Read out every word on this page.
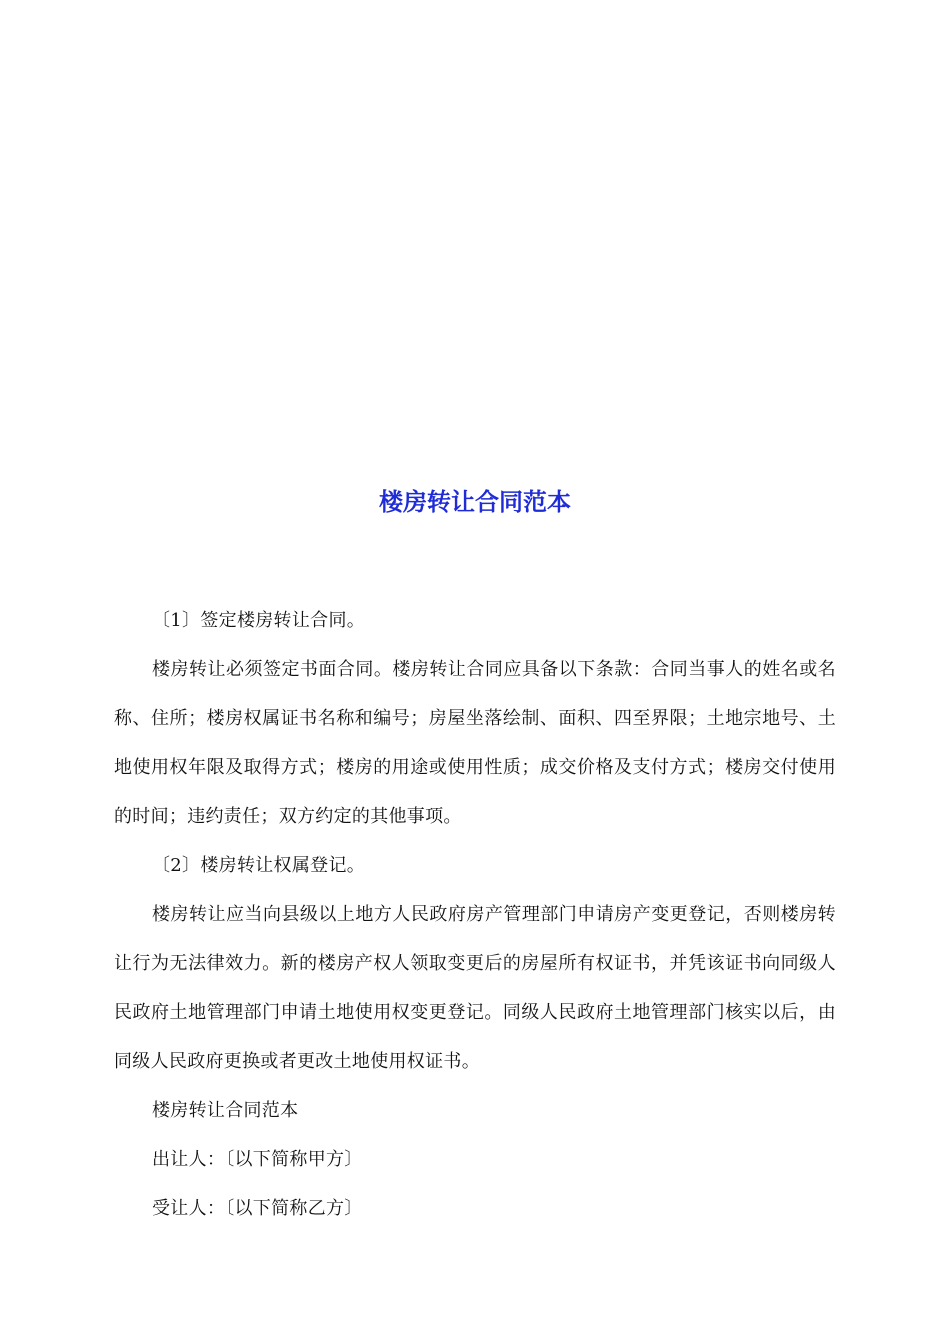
楼房转让合同范本

〔1〕签定楼房转让合同。

楼房转让必须签定书面合同。楼房转让合同应具备以下条款：合同当事人的姓名或名称、住所；楼房权属证书名称和编号；房屋坐落绘制、面积、四至界限；土地宗地号、土地使用权年限及取得方式；楼房的用途或使用性质；成交价格及支付方式；楼房交付使用的时间；违约责任；双方约定的其他事项。

〔2〕楼房转让权属登记。

楼房转让应当向县级以上地方人民政府房产管理部门申请房产变更登记，否则楼房转让行为无法律效力。新的楼房产权人领取变更后的房屋所有权证书，并凭该证书向同级人民政府土地管理部门申请土地使用权变更登记。同级人民政府土地管理部门核实以后，由同级人民政府更换或者更改土地使用权证书。

楼房转让合同范本

出让人：〔以下简称甲方〕

受让人：〔以下简称乙方〕
